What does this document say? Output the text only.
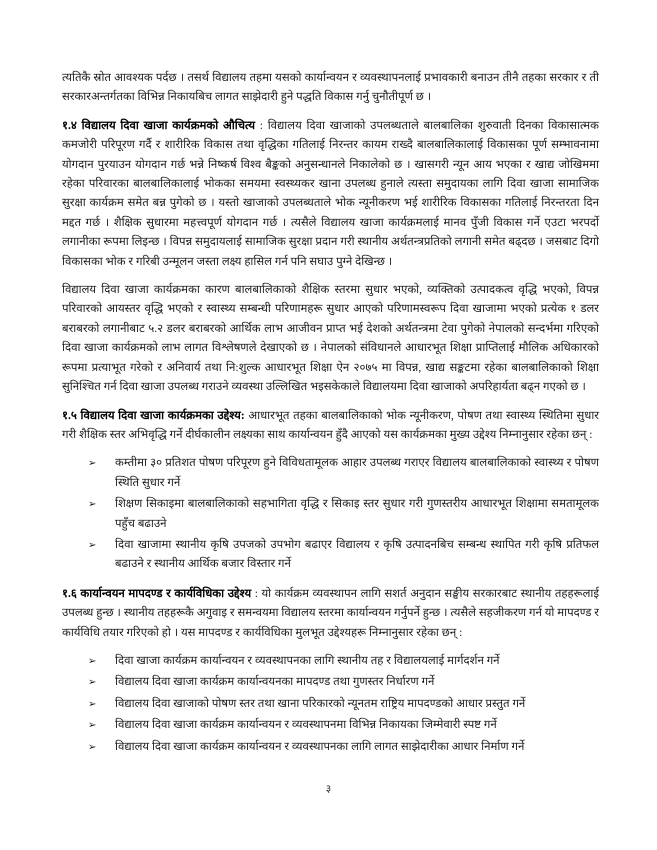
त्यतिकै स्रोत आवश्यक पर्दछ । तसर्थ विद्यालय तहमा यसको कार्यान्वयन र व्यवस्थापनलाई प्रभावकारी बनाउन तीनै तहका सरकार र ती सरकारअन्तर्गतका विभिन्न निकायबिच लागत साझेदारी हुने पद्धति विकास गर्नु चुनौतीपूर्ण छ ।

१.४ विद्यालय दिवा खाजा कार्यक्रमको औचित्य : विद्यालय दिवा खाजाको उपलब्धताले बालबालिका शुरुवाती दिनका विकासात्मक कमजोरी परिपूरण गर्दै र शारीरिक विकास तथा वृद्धिका गतिलाई निरन्तर कायम राख्दै बालबालिकालाई विकासका पूर्ण सम्भावनामा योगदान पुरयाउन योगदान गर्छ भन्ने निष्कर्ष विश्व बैङ्कको अनुसन्धानले निकालेको छ । खासगरी न्यून आय भएका र खाद्य जोखिममा रहेका परिवारका बालबालिकालाई भोकका समयमा स्वस्थ्यकर खाना उपलब्ध हुनाले त्यस्ता समुदायका लागि दिवा खाजा सामाजिक सुरक्षा कार्यक्रम समेत बन्न पुगेको छ । यस्तो खाजाको उपलब्धताले भोक न्यूनीकरण भई शारीरिक विकासका गतिलाई निरन्तरता दिन मद्दत गर्छ । शैक्षिक सुधारमा महत्त्वपूर्ण योगदान गर्छ । त्यसैले विद्यालय खाजा कार्यक्रमलाई मानव पुँजी विकास गर्ने एउटा भरपर्दो लगानीका रूपमा लिइन्छ । विपन्न समुदायलाई सामाजिक सुरक्षा प्रदान गरी स्थानीय अर्थतन्त्रप्रतिको लगानी समेत बढ्दछ । जसबाट दिगो विकासका भोक र गरिबी उन्मूलन जस्ता लक्ष्य हासिल गर्न पनि सघाउ पुग्ने देखिन्छ ।

विद्यालय दिवा खाजा कार्यक्रमका कारण बालबालिकाको शैक्षिक स्तरमा सुधार भएको, व्यक्तिको उत्पादकत्व वृद्धि भएको, विपन्न परिवारको आयस्तर वृद्धि भएको र स्वास्थ्य सम्बन्धी परिणामहरू सुधार आएको परिणामस्वरूप दिवा खाजामा भएको प्रत्येक १ डलर बराबरको लगानीबाट ५.२ डलर बराबरको आर्थिक लाभ आजीवन प्राप्त भई देशको अर्थतन्त्रमा टेवा पुगेको नेपालको सन्दर्भमा गरिएको दिवा खाजा कार्यक्रमको लाभ लागत विश्लेषणले देखाएको छ । नेपालको संविधानले आधारभूत शिक्षा प्राप्तिलाई मौलिक अधिकारको रूपमा प्रत्याभूत गरेको र अनिवार्य तथा नि:शुल्क आधारभूत शिक्षा ऐन २०७५ मा विपन्न, खाद्य सङ्कटमा रहेका बालबालिकाको शिक्षा सुनिश्चित गर्न दिवा खाजा उपलब्ध गराउने व्यवस्था उल्लिखित भइसकेकाले विद्यालयमा दिवा खाजाको अपरिहार्यता बढ्न गएको छ ।

१.५ विद्यालय दिवा खाजा कार्यक्रमका उद्देश्य: आधारभूत तहका बालबालिकाको भोक न्यूनीकरण, पोषण तथा स्वास्थ्य स्थितिमा सुधार गरी शैक्षिक स्तर अभिवृद्धि गर्ने दीर्घकालीन लक्ष्यका साथ कार्यान्वयन हुँदै आएको यस कार्यक्रमका मुख्य उद्देश्य निम्नानुसार रहेका छन् :

➢	कम्तीमा ३० प्रतिशत पोषण परिपूरण हुने विविधतामूलक आहार उपलब्ध गराएर विद्यालय बालबालिकाको स्वास्थ्य र पोषण स्थिति सुधार गर्ने
➢	शिक्षण सिकाइमा बालबालिकाको सहभागिता वृद्धि र सिकाइ स्तर सुधार गरी गुणस्तरीय आधारभूत शिक्षामा समतामूलक पहुँच बढाउने
➢	दिवा खाजामा स्थानीय कृषि उपजको उपभोग बढाएर विद्यालय र कृषि उत्पादनबिच सम्बन्ध स्थापित गरी कृषि प्रतिफल बढाउने र स्थानीय आर्थिक बजार विस्तार गर्ने

१.६ कार्यान्वयन मापदण्ड र कार्यविधिका उद्देश्य : यो कार्यक्रम व्यवस्थापन लागि सशर्त अनुदान सङ्घीय सरकारबाट स्थानीय तहहरूलाई उपलब्ध हुन्छ । स्थानीय तहहरूकै अगुवाइ र समन्वयमा विद्यालय स्तरमा कार्यान्वयन गर्नुपर्ने हुन्छ । त्यसैले सहजीकरण गर्न यो मापदण्ड र कार्यविधि तयार गरिएको हो । यस मापदण्ड र कार्यविधिका मुलभूत उद्देश्यहरू निम्नानुसार रहेका छन् :

➢	दिवा खाजा कार्यक्रम कार्यान्वयन र व्यवस्थापनका लागि स्थानीय तह र विद्यालयलाई मार्गदर्शन गर्ने
➢	विद्यालय दिवा खाजा कार्यक्रम कार्यान्वयनका मापदण्ड तथा गुणस्तर निर्धारण गर्ने
➢	विद्यालय दिवा खाजाको पोषण स्तर तथा खाना परिकारको न्यूनतम राष्ट्रिय मापदण्डको आधार प्रस्तुत गर्ने
➢	विद्यालय दिवा खाजा कार्यक्रम कार्यान्वयन र व्यवस्थापनमा विभिन्न निकायका जिम्मेवारी स्पष्ट गर्ने
➢	विद्यालय दिवा खाजा कार्यक्रम कार्यान्वयन र व्यवस्थापनका लागि लागत साझेदारीका आधार निर्माण गर्ने
३
